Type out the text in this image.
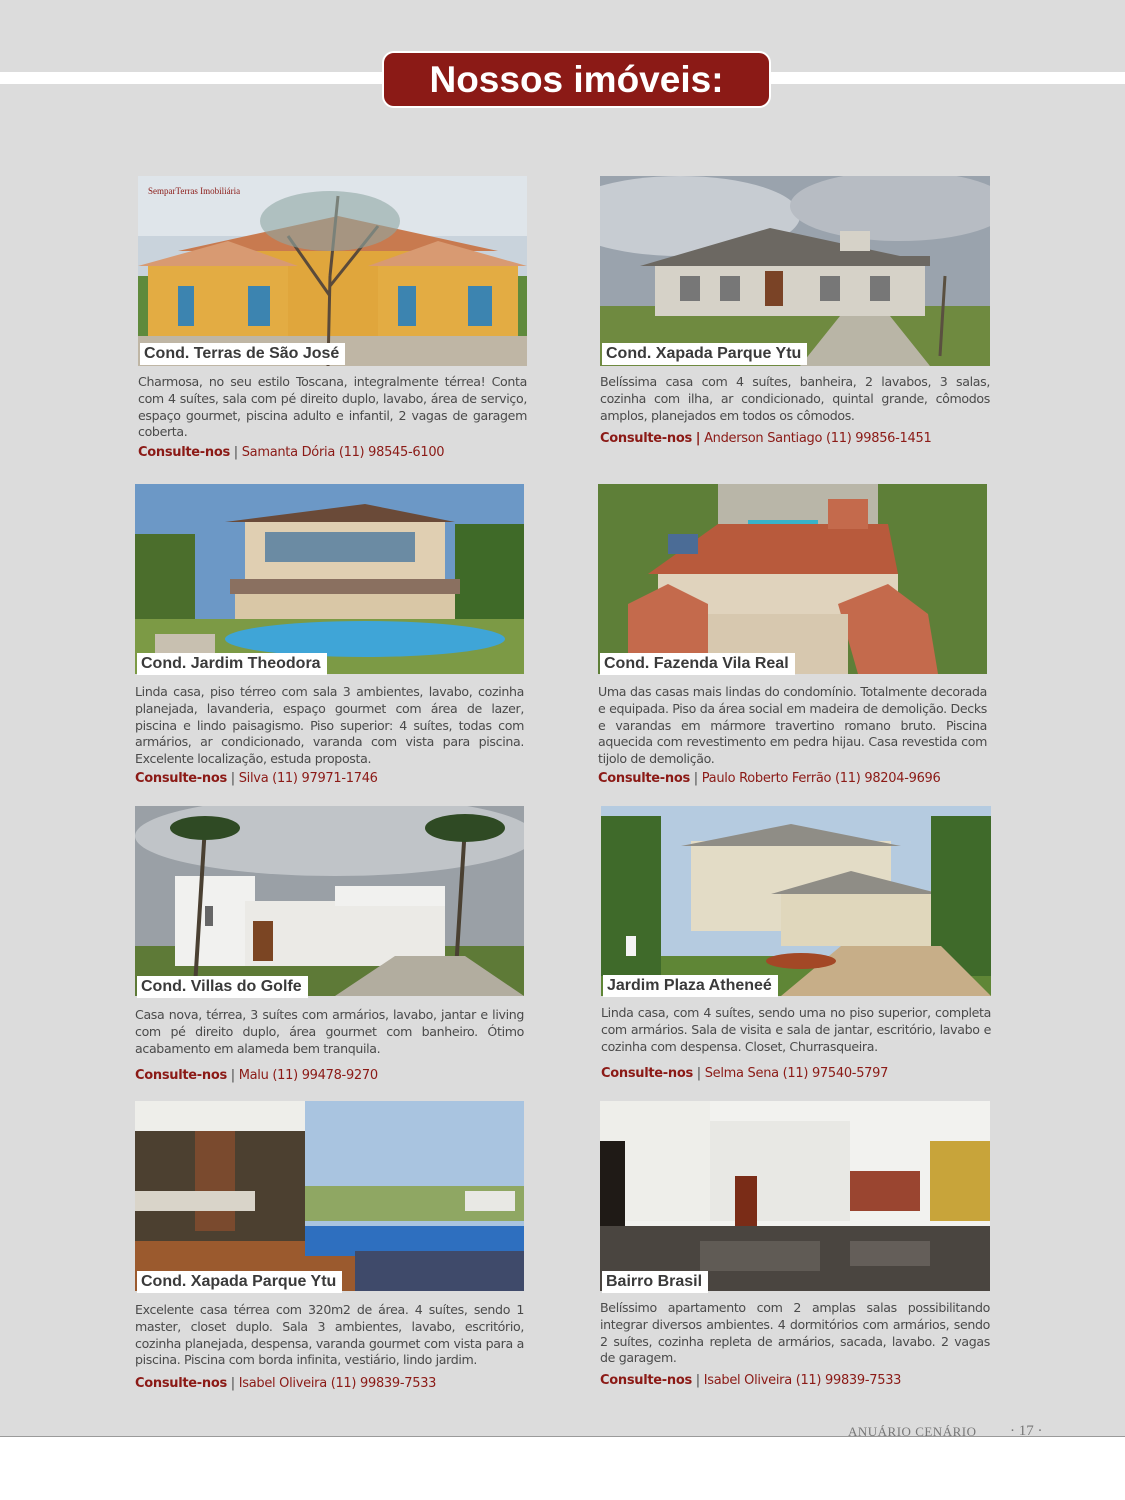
Nossos imóveis:
SemparTerras Imobiliária
Cond. Terras de São José
Charmosa, no seu estilo Toscana, integralmente térrea! Conta com 4 suítes, sala com pé direito duplo, lavabo, área de serviço, espaço gourmet, piscina adulto e infantil, 2 vagas de garagem coberta.
Consulte-nos | Samanta Dória (11) 98545-6100
Cond. Xapada Parque Ytu
Belíssima casa com 4 suítes, banheira, 2 lavabos, 3 salas, cozinha com ilha, ar condicionado, quintal grande, cômodos amplos, planejados em todos os cômodos.
Consulte-nos | Anderson Santiago (11) 99856-1451
Cond. Jardim Theodora
Linda casa, piso térreo com sala 3 ambientes, lavabo, cozinha planejada, lavanderia, espaço gourmet com área de lazer, piscina e lindo paisagismo. Piso superior: 4 suítes, todas com armários, ar condicionado, varanda com vista para piscina. Excelente localização, estuda proposta.
Consulte-nos | Silva (11) 97971-1746
Cond. Fazenda Vila Real
Uma das casas mais lindas do condomínio. Totalmente decorada e equipada. Piso da área social em madeira de demolição. Decks e varandas em mármore travertino romano bruto. Piscina aquecida com revestimento em pedra hijau. Casa revestida com tijolo de demolição.
Consulte-nos | Paulo Roberto Ferrão (11) 98204-9696
Cond. Villas do Golfe
Casa nova, térrea, 3 suítes com armários, lavabo, jantar e living com pé direito duplo, área gourmet com banheiro. Ótimo acabamento em alameda bem tranquila.
Consulte-nos | Malu (11) 99478-9270
Jardim Plaza Atheneé
Linda casa, com 4 suítes, sendo uma no piso superior, completa com armários. Sala de visita e sala de jantar, escritório, lavabo e cozinha com despensa. Closet, Churrasqueira.
Consulte-nos | Selma Sena (11) 97540-5797
Cond. Xapada Parque Ytu
Excelente casa térrea com 320m2 de área. 4 suítes, sendo 1 master, closet duplo. Sala 3 ambientes, lavabo, escritório, cozinha planejada, despensa, varanda gourmet com vista para a piscina. Piscina com borda infinita, vestiário, lindo jardim.
Consulte-nos | Isabel Oliveira (11) 99839-7533
Bairro Brasil
Belíssimo apartamento com 2 amplas salas possibilitando integrar diversos ambientes. 4 dormitórios com armários, sendo 2 suítes, cozinha repleta de armários, sacada, lavabo. 2 vagas de garagem.
Consulte-nos | Isabel Oliveira (11) 99839-7533
ANUÁRIO CENÁRIO · 17 ·
